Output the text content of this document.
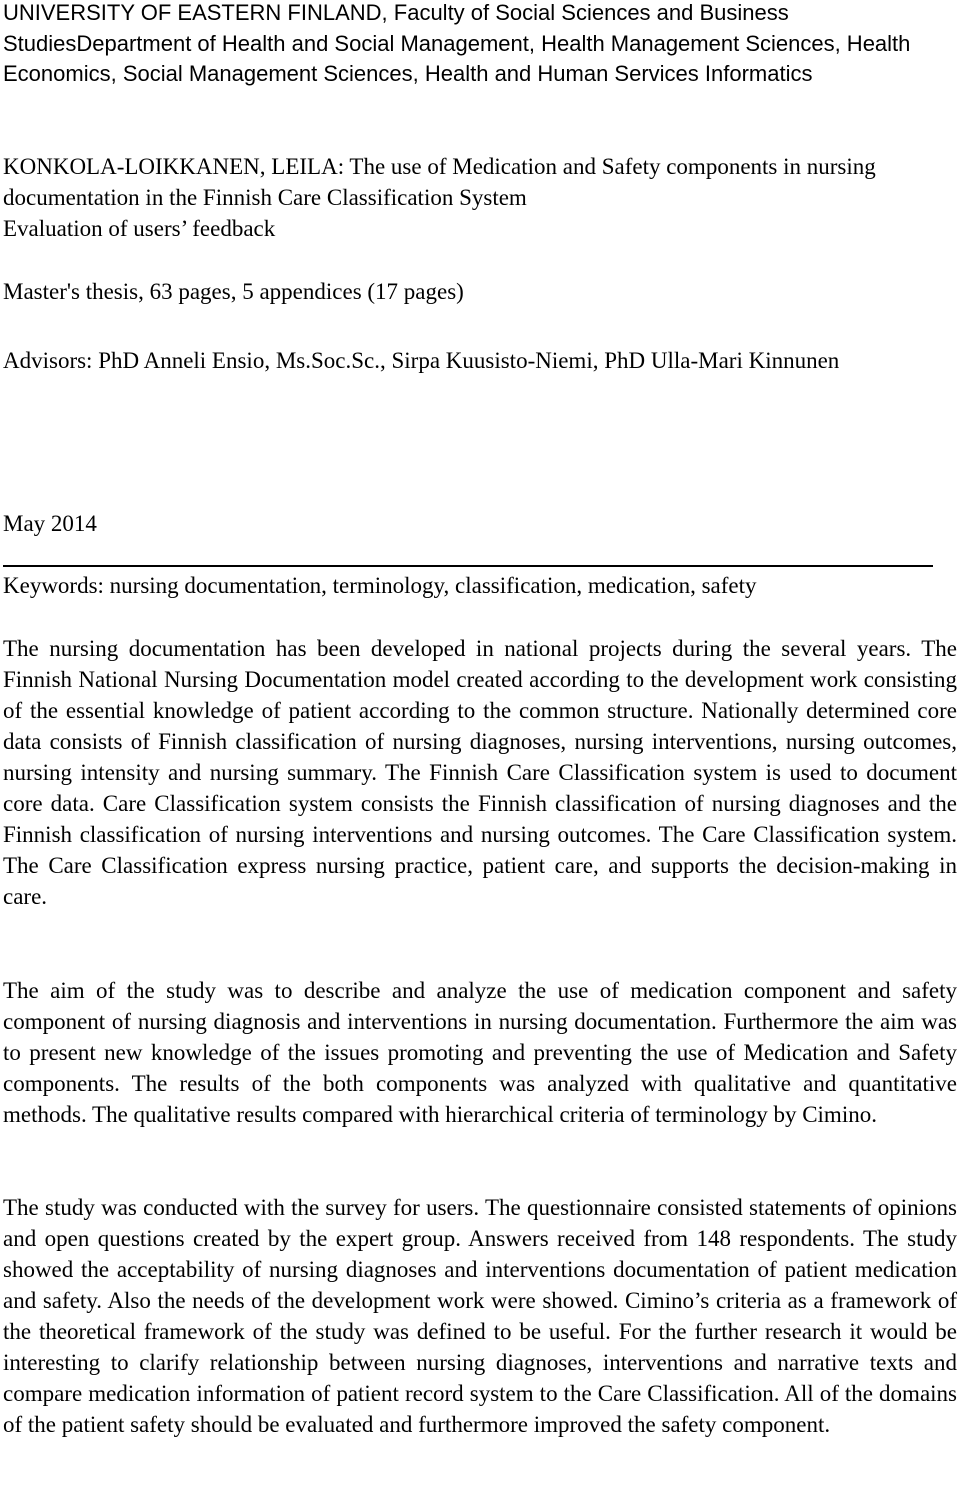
UNIVERSITY OF EASTERN FINLAND, Faculty of Social Sciences and Business StudiesDepartment of Health and Social Management, Health Management Sciences, Health Economics, Social Management Sciences, Health and Human Services Informatics
KONKOLA-LOIKKANEN, LEILA: The use of Medication and Safety components in nursing documentation in the Finnish Care Classification System
Evaluation of users’ feedback
Master's thesis, 63 pages, 5 appendices (17 pages)
Advisors: PhD Anneli Ensio, Ms.Soc.Sc., Sirpa Kuusisto-Niemi, PhD Ulla-Mari Kinnunen
May 2014
Keywords: nursing documentation, terminology, classification, medication, safety
The nursing documentation has been developed in national projects during the several years. The Finnish National Nursing Documentation model created according to the development work consisting of the essential knowledge of patient according to the common structure. Nationally determined core data consists of Finnish classification of nursing diagnoses, nursing interventions, nursing outcomes, nursing intensity and nursing summary. The Finnish Care Classification system is used to document core data. Care Classification system consists the Finnish classification of nursing diagnoses and the Finnish classification of nursing interventions and nursing outcomes. The Care Classification system. The Care Classification express nursing practice, patient care, and supports the decision-making in care.
The aim of the study was to describe and analyze the use of medication component and safety component of nursing diagnosis and interventions in nursing documentation. Furthermore the aim was to present new knowledge of the issues promoting and preventing the use of Medication and Safety components. The results of the both components was analyzed with qualitative and quantitative methods. The qualitative results compared with hierarchical criteria of terminology by Cimino.
The study was conducted with the survey for users. The questionnaire consisted statements of opinions and open questions created by the expert group. Answers received from 148 respondents. The study showed the acceptability of nursing diagnoses and interventions documentation of patient medication and safety. Also the needs of the development work were showed. Cimino’s criteria as a framework of the theoretical framework of the study was defined to be useful. For the further research it would be interesting to clarify relationship between nursing diagnoses, interventions and narrative texts and compare medication information of patient record system to the Care Classification. All of the domains of the patient safety should be evaluated and furthermore improved the safety component.
